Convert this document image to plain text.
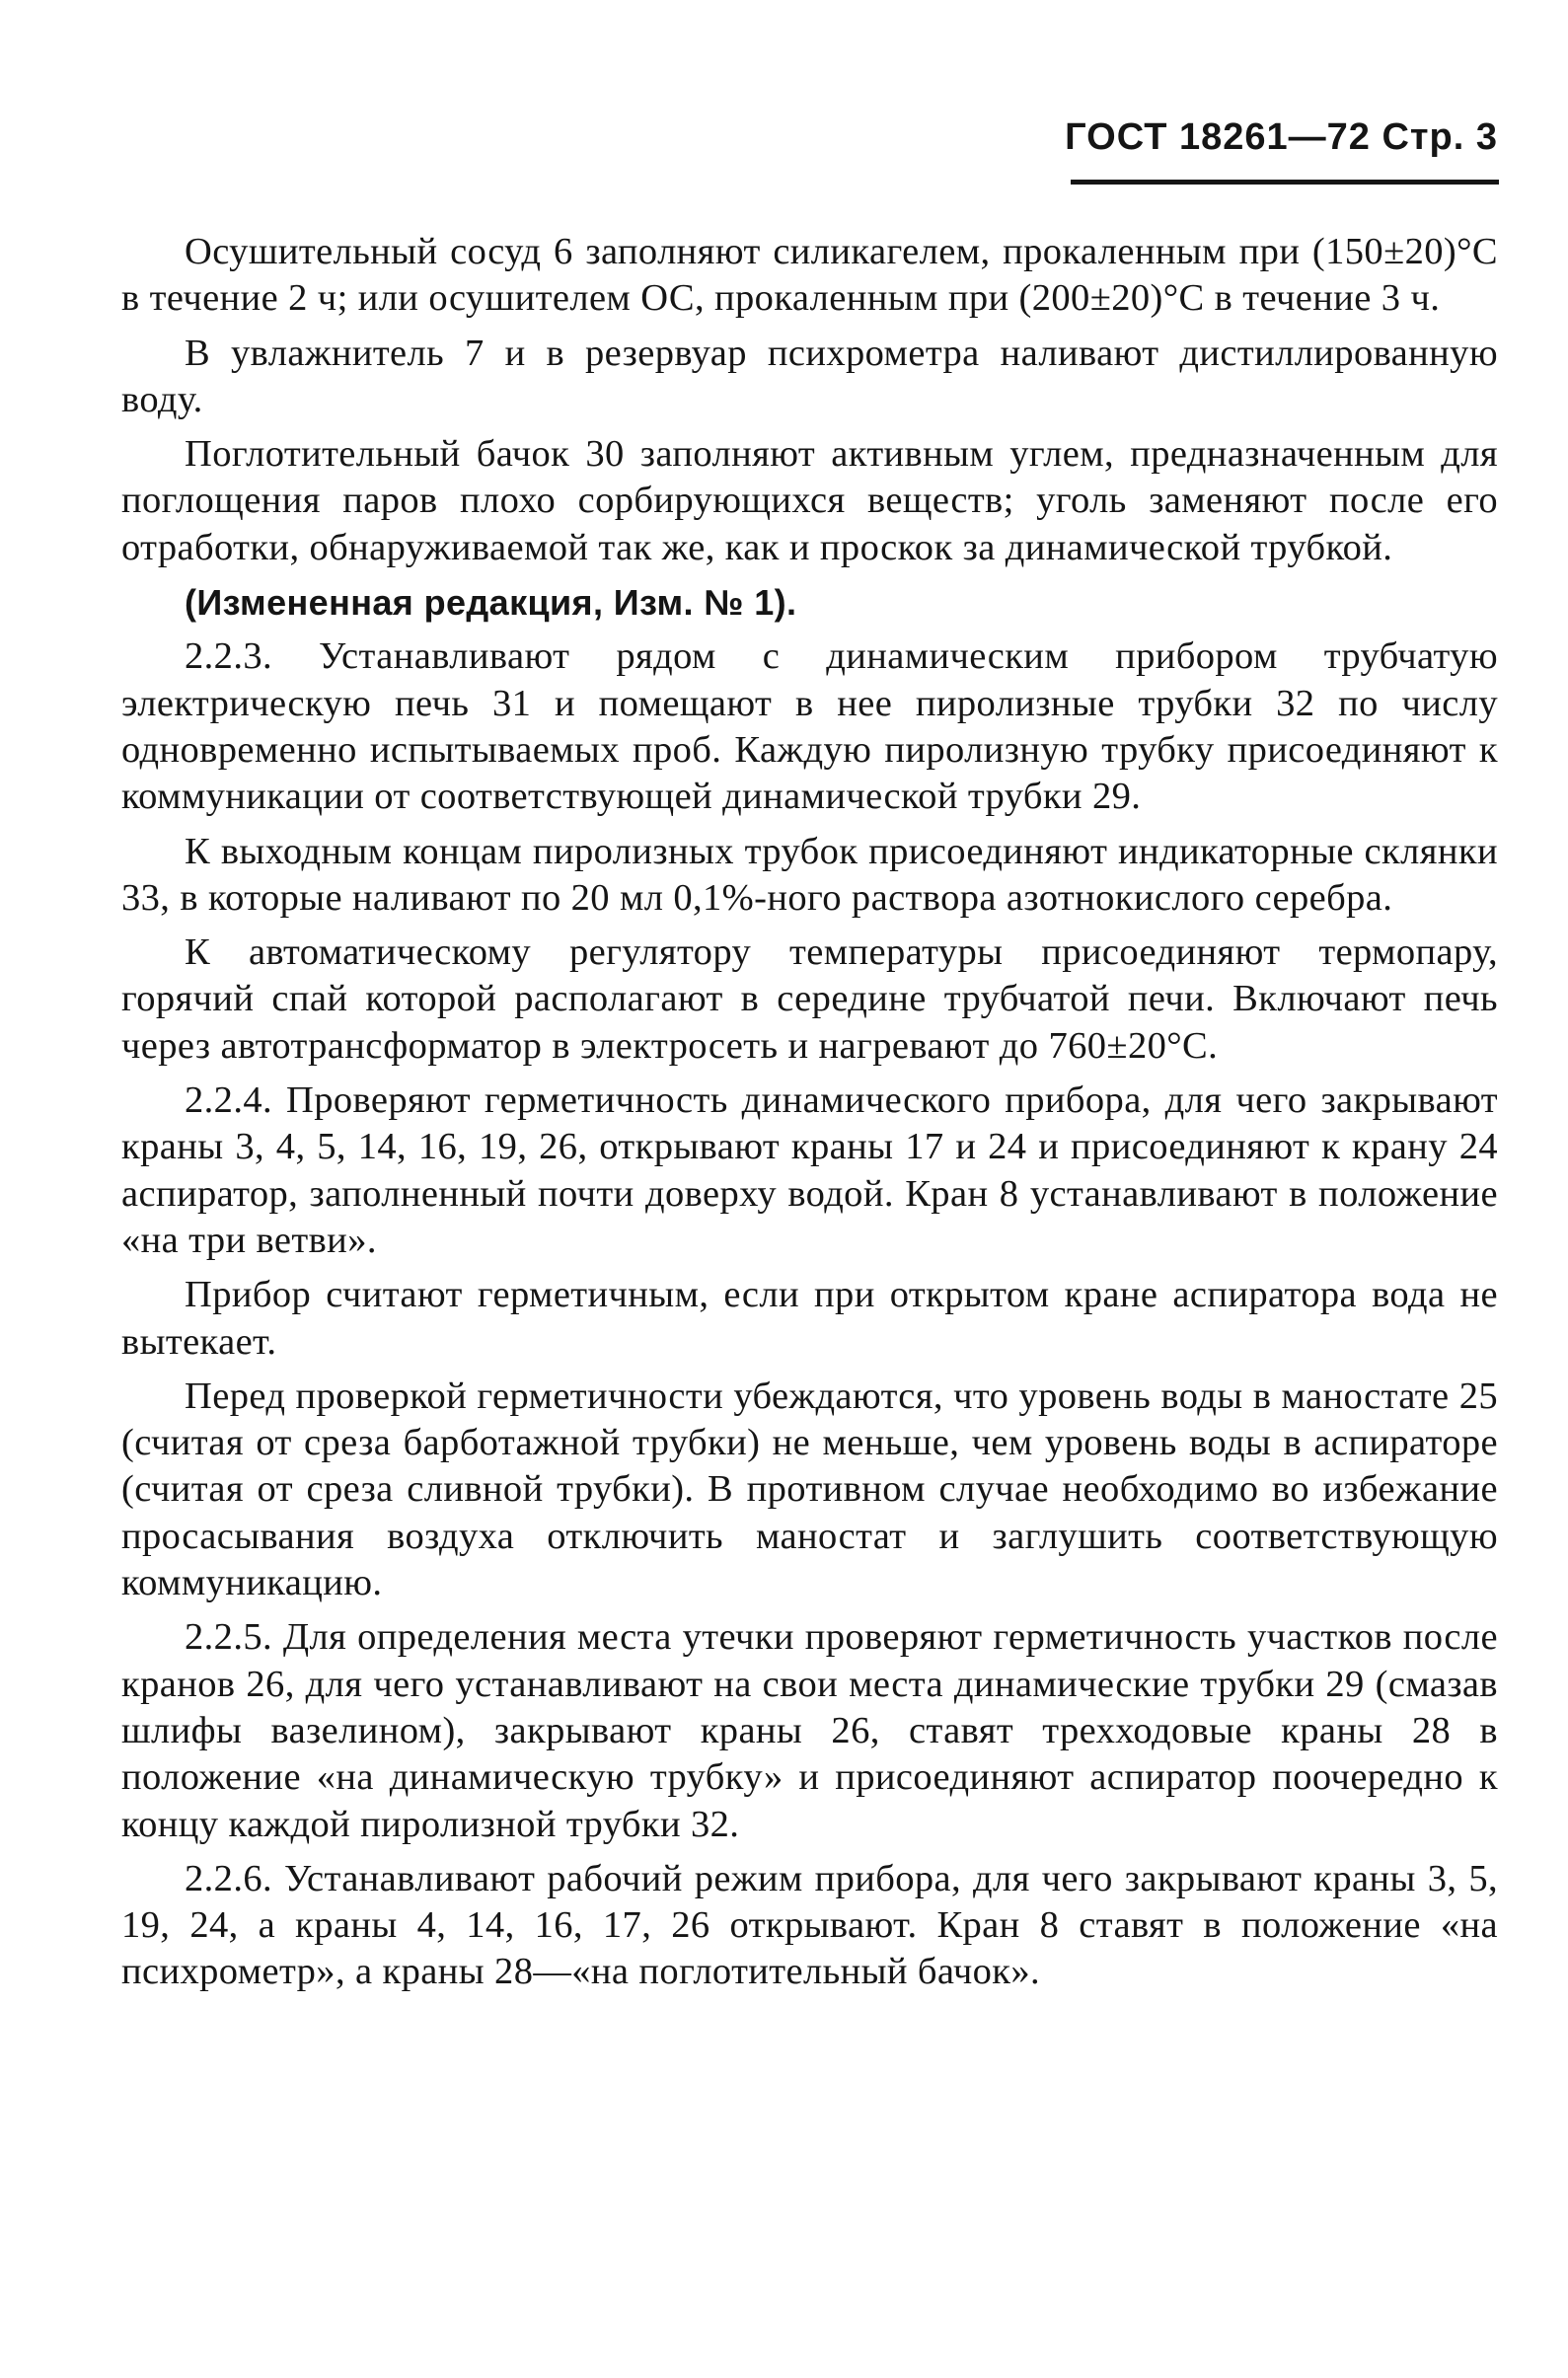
ГОСТ 18261—72 Стр. 3

Осушительный сосуд 6 заполняют силикагелем, прокаленным при (150±20)°С в течение 2 ч; или осушителем ОС, прокаленным при (200±20)°С в течение 3 ч.

В увлажнитель 7 и в резервуар психрометра наливают дистиллированную воду.

Поглотительный бачок 30 заполняют активным углем, предназначенным для поглощения паров плохо сорбирующихся веществ; уголь заменяют после его отработки, обнаруживаемой так же, как и проскок за динамической трубкой.

(Измененная редакция, Изм. № 1).

2.2.3. Устанавливают рядом с динамическим прибором трубчатую электрическую печь 31 и помещают в нее пиролизные трубки 32 по числу одновременно испытываемых проб. Каждую пиролизную трубку присоединяют к коммуникации от соответствующей динамической трубки 29.

К выходным концам пиролизных трубок присоединяют индикаторные склянки 33, в которые наливают по 20 мл 0,1%-ного раствора азотнокислого серебра.

К автоматическому регулятору температуры присоединяют термопару, горячий спай которой располагают в середине трубчатой печи. Включают печь через автотрансформатор в электросеть и нагревают до 760±20°С.

2.2.4. Проверяют герметичность динамического прибора, для чего закрывают краны 3, 4, 5, 14, 16, 19, 26, открывают краны 17 и 24 и присоединяют к крану 24 аспиратор, заполненный почти доверху водой. Кран 8 устанавливают в положение «на три ветви».

Прибор считают герметичным, если при открытом кране аспиратора вода не вытекает.

Перед проверкой герметичности убеждаются, что уровень воды в маностате 25 (считая от среза барботажной трубки) не меньше, чем уровень воды в аспираторе (считая от среза сливной трубки). В противном случае необходимо во избежание просасывания воздуха отключить маностат и заглушить соответствующую коммуникацию.

2.2.5. Для определения места утечки проверяют герметичность участков после кранов 26, для чего устанавливают на свои места динамические трубки 29 (смазав шлифы вазелином), закрывают краны 26, ставят трехходовые краны 28 в положение «на динамическую трубку» и присоединяют аспиратор поочередно к концу каждой пиролизной трубки 32.

2.2.6. Устанавливают рабочий режим прибора, для чего закрывают краны 3, 5, 19, 24, а краны 4, 14, 16, 17, 26 открывают. Кран 8 ставят в положение «на психрометр», а краны 28—«на поглотительный бачок».
